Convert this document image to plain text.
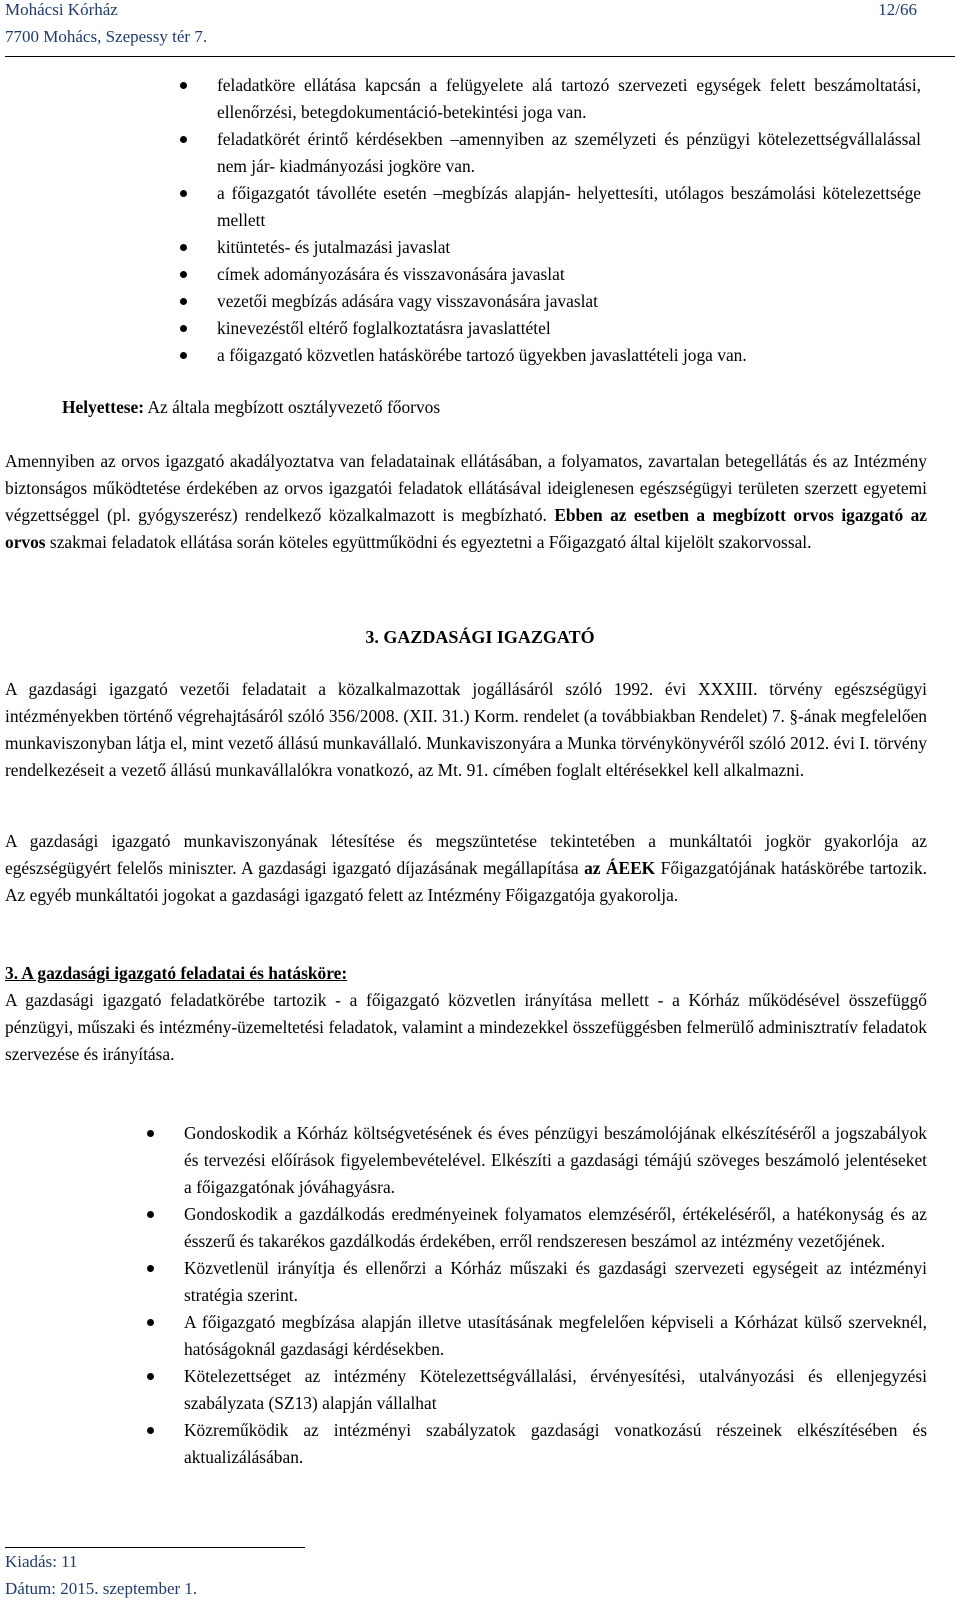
Mohácsi Kórház
7700 Mohács, Szepessy tér 7.
12/66
feladatköre ellátása kapcsán a felügyelete alá tartozó szervezeti egységek felett beszámoltatási, ellenőrzési, betegdokumentáció-betekintési joga van.
feladatkörét érintő kérdésekben –amennyiben az személyzeti és pénzügyi kötelezettségvállalással nem jár- kiadmányozási jogköre van.
a főigazgatót távolléte esetén –megbízás alapján- helyettesíti, utólagos beszámolási kötelezettsége mellett
kitüntetés- és jutalmazási javaslat
címek adományozására és visszavonására javaslat
vezetői megbízás adására vagy visszavonására javaslat
kinevezéstől eltérő foglalkoztatásra javaslattétel
a főigazgató közvetlen hatáskörébe tartozó ügyekben javaslattételi joga van.
Helyettese: Az általa megbízott osztályvezető főorvos

Amennyiben az orvos igazgató akadályoztatva van feladatainak ellátásában, a folyamatos, zavartalan betegellátás és az Intézmény biztonságos működtetése érdekében az orvos igazgatói feladatok ellátásával ideiglenesen egészségügyi területen szerzett egyetemi végzettséggel (pl. gyógyszerész) rendelkező közalkalmazott is megbízható. Ebben az esetben a megbízott orvos igazgató az orvos szakmai feladatok ellátása során köteles együttműködni és egyeztetni a Főigazgató által kijelölt szakorvossal.

3. GAZDASÁGI IGAZGATÓ

A gazdasági igazgató vezetői feladatait a közalkalmazottak jogállásáról szóló 1992. évi XXXIII. törvény egészségügyi intézményekben történő végrehajtásáról szóló 356/2008. (XII. 31.) Korm. rendelet (a továbbiakban Rendelet) 7. §-ának megfelelően munkaviszonyban látja el, mint vezető állású munkavállaló. Munkaviszonyára a Munka törvénykönyvéről szóló 2012. évi I. törvény rendelkezéseit a vezető állású munkavállalókra vonatkozó, az Mt. 91. címében foglalt eltérésekkel kell alkalmazni.

A gazdasági igazgató munkaviszonyának létesítése és megszüntetése tekintetében a munkáltatói jogkör gyakorlója az egészségügyért felelős miniszter. A gazdasági igazgató díjazásának megállapítása az ÁEEK Főigazgatójának hatáskörébe tartozik. Az egyéb munkáltatói jogokat a gazdasági igazgató felett az Intézmény Főigazgatója gyakorolja.

3. A gazdasági igazgató feladatai és hatásköre:

A gazdasági igazgató feladatkörébe tartozik - a főigazgató közvetlen irányítása mellett - a Kórház működésével összefüggő pénzügyi, műszaki és intézmény-üzemeltetési feladatok, valamint a mindezekkel összefüggésben felmerülő adminisztratív feladatok szervezése és irányítása.

Gondoskodik a Kórház költségvetésének és éves pénzügyi beszámolójának elkészítéséről a jogszabályok és tervezési előírások figyelembevételével. Elkészíti a gazdasági témájú szöveges beszámoló jelentéseket a főigazgatónak jóváhagyásra.
Gondoskodik a gazdálkodás eredményeinek folyamatos elemzéséről, értékeléséről, a hatékonyság és az ésszerű és takarékos gazdálkodás érdekében, erről rendszeresen beszámol az intézmény vezetőjének.
Közvetlenül irányítja és ellenőrzi a Kórház műszaki és gazdasági szervezeti egységeit az intézményi stratégia szerint.
A főigazgató megbízása alapján illetve utasításának megfelelően képviseli a Kórházat külső szerveknél, hatóságoknál gazdasági kérdésekben.
Kötelezettséget az intézmény Kötelezettségvállalási, érvényesítési, utalványozási és ellenjegyzési szabályzata (SZ13) alapján vállalhat
Közreműködik az intézményi szabályzatok gazdasági vonatkozású részeinek elkészítésében és aktualizálásában.
Kiadás: 11
Dátum: 2015. szeptember 1.
